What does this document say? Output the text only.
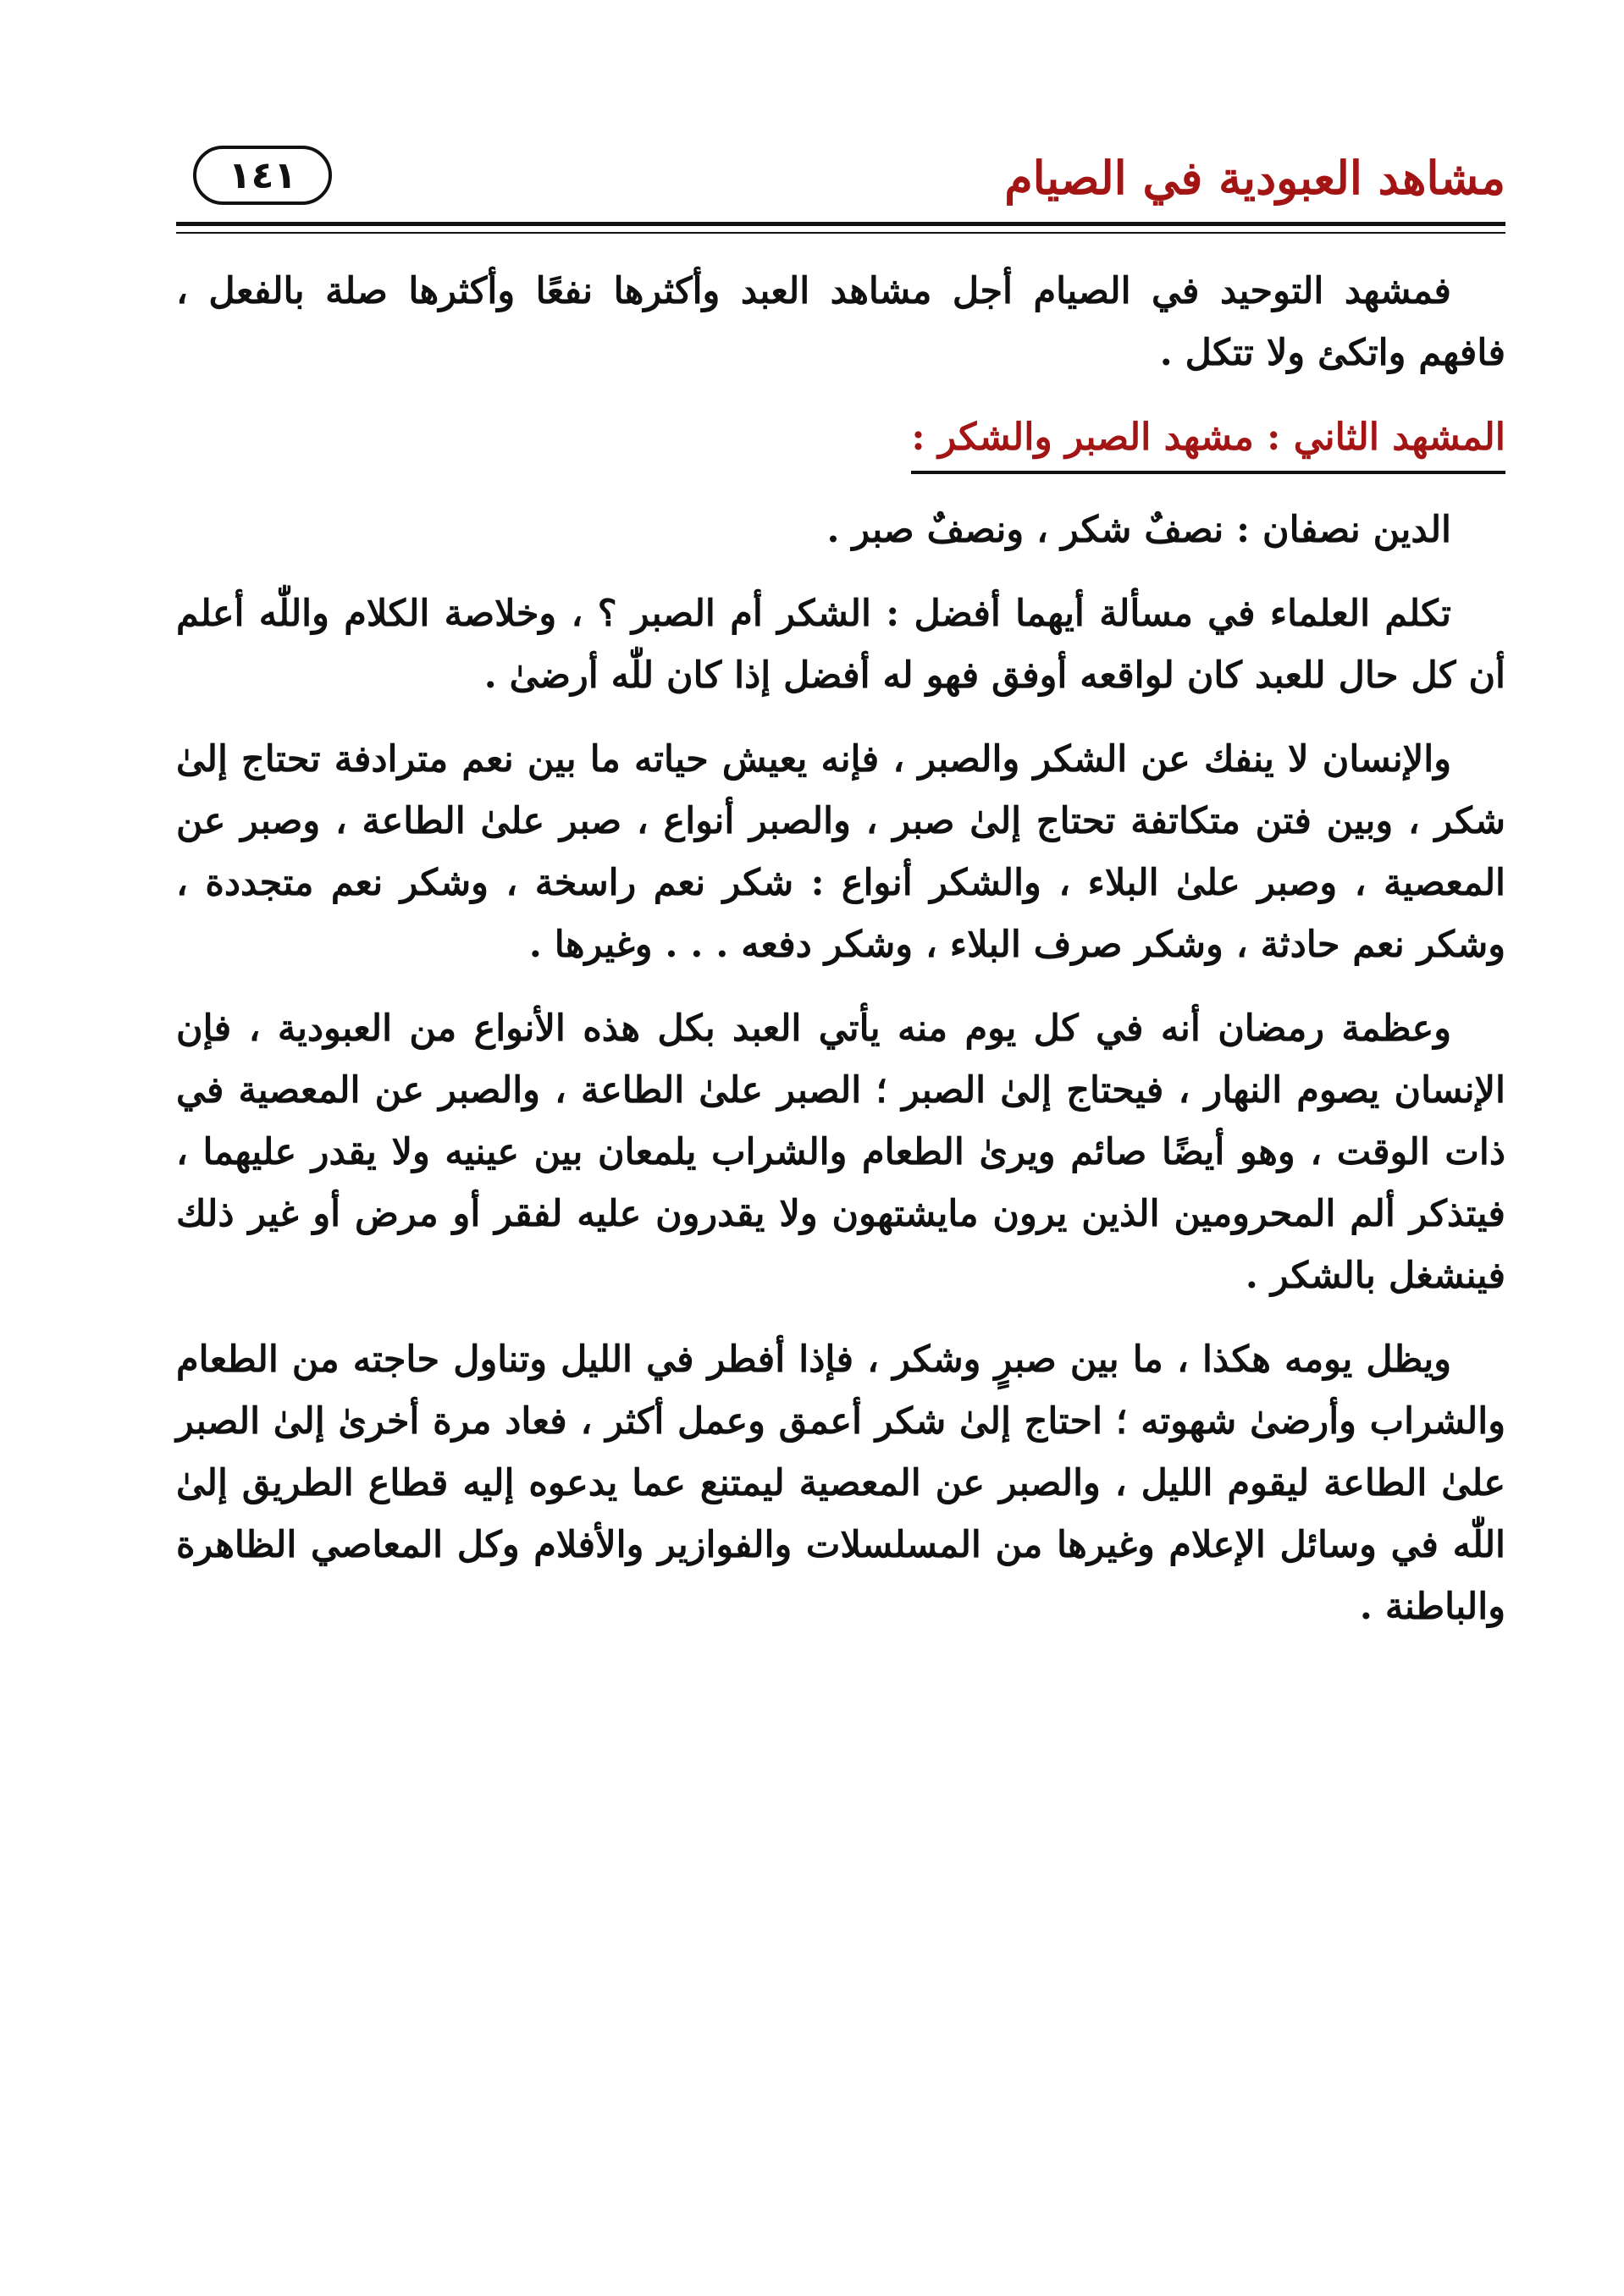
مشاهد العبودية في الصيام
١٤١

فمشهد التوحيد في الصيام أجل مشاهد العبد وأكثرها نفعًا وأكثرها صلة بالفعل ، فافهم واتكئ ولا تتكل .

المشهد الثاني : مشهد الصبر والشكر :

الدين نصفان : نصفٌ شكر ، ونصفٌ صبر .

تكلم العلماء في مسألة أيهما أفضل : الشكر أم الصبر ؟ ، وخلاصة الكلام واللّٰه أعلم أن كل حال للعبد كان لواقعه أوفق فهو له أفضل إذا كان للّٰه أرضىٰ .

والإنسان لا ينفك عن الشكر والصبر ، فإنه يعيش حياته ما بين نعم مترادفة تحتاج إلىٰ شكر ، وبين فتن متكاتفة تحتاج إلىٰ صبر ، والصبر أنواع ، صبر علىٰ الطاعة ، وصبر عن المعصية ، وصبر علىٰ البلاء ، والشكر أنواع : شكر نعم راسخة ، وشكر نعم متجددة ، وشكر نعم حادثة ، وشكر صرف البلاء ، وشكر دفعه . . . وغيرها .

وعظمة رمضان أنه في كل يوم منه يأتي العبد بكل هذه الأنواع من العبودية ، فإن الإنسان يصوم النهار ، فيحتاج إلىٰ الصبر ؛ الصبر علىٰ الطاعة ، والصبر عن المعصية في ذات الوقت ، وهو أيضًا صائم ويرىٰ الطعام والشراب يلمعان بين عينيه ولا يقدر عليهما ، فيتذكر ألم المحرومين الذين يرون مايشتهون ولا يقدرون عليه لفقر أو مرض أو غير ذلك فينشغل بالشكر .

ويظل يومه هكذا ، ما بين صبرٍ وشكر ، فإذا أفطر في الليل وتناول حاجته من الطعام والشراب وأرضىٰ شهوته ؛ احتاج إلىٰ شكر أعمق وعمل أكثر ، فعاد مرة أخرىٰ إلىٰ الصبر علىٰ الطاعة ليقوم الليل ، والصبر عن المعصية ليمتنع عما يدعوه إليه قطاع الطريق إلىٰ اللّٰه في وسائل الإعلام وغيرها من المسلسلات والفوازير والأفلام وكل المعاصي الظاهرة والباطنة .
